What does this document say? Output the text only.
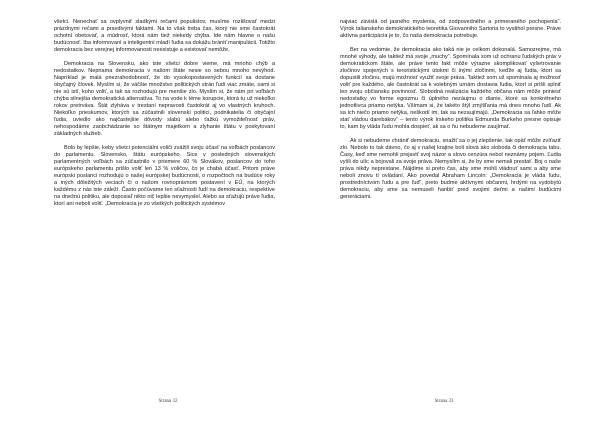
všetci. Nenechať sa ovplyvniť sladkými rečami populistov, musíme rozlišovať medzi prázdnymi rečami a pravdivými faktami. Na to však treba čas, ktorý nie sme častokrát ochotní obetovať, a múdrosť, ktorá nám tiež niekedy chýba. Ide nám hlavne o našu budúcnosť. Iba informovaní a inteligentní mladí ľudia sa dokážu brániť manipulácii. Totižto demokracia bez verejnej informovanosti neexistuje a existovať nemôže.

Demokracia na Slovensku, ako iste všetci dobre vieme, má mnoho chýb a nedostatkov. Nepriama demokracia v našom štáte nesie so sebou mnoho nevýhod. Napríklad je malá priezrahodobnosť, že do vysokopostavených funkcií sa dostane obyčajný človek. Myslím si, že väčšie množstvo politických strán ľudí viac zmäte, sami si nie sú istí, koho voliť, a tak sa rozhodujú pre menšie zlo. Myslím si, že nám pri voľbách chýba silnejšia demokratická alternatíva. To na vode k téme korupcie, ktorá tu už niekoľko rokov pretrváva. Štát zlyháva v trestaní nepravosti častokrát aj vo vlastných kruhoch. Niekoľko prieskumov, ktorých sa zúčastnili slovenskí politici, podnikatelia či obyčajní ľudia, uviedlo ako najčastejšie dôvody slabú alebo ťažkú vymožiteľnosť práv, nehospodárne zaobchádzanie so štátnym majetkom a zlyhanie štátu v poskytovaní základných služieb.

Bolo by lepšie, keby všetci potenciálni voliči zvážili svoju účasť na voľbách poslancov do parlamentu. Slovensko, štátu európskeho. Sice v posledných slovenských parlamentných voľbách sa zúčastnilo v priemere 60 % Slovákov, poslancov do toho európskeho parlamentu prišlo voliť len 13 % voličov, čo je chabá účasť. Pritom práve európski poslanci rozhodujú o našej európskej budúcnosti, o rozpočtoch na budúce roky a iných dôležitých veciach či o našom rovnoprávnom postavení v EÚ, na ktorých každému z nás iste záleží. Často počúvame len sťažnosti ľudí na demokraciu, respektíve na dnešnú politiku, ale doposiaľ nikto nič lepšie nevymyslel. Alebo sa sťažujú práve ľudia, ktorí ani neboli voliť. „Demokracia je zo všetkých politických systémov

Strana 32

najviac závislá od jasného myslenia, od zodpovedného a primeraného pochopenia“. Výrok talianskeho demokratického teoretika Giovanniho Sartoria to vystihol presne. Práve aktívna participácia je to, čo naša demokracia potrebuje.

Ber na vedomie, že demokracia ako taká nie je celkom dokonalá. Samozrejme, má mnohé výhody, ale taktiež má svoje „muchy“. Spomínala som už ochranu ľudských práv v demokratickom štáte, ale práve tento fakt môže výrazne skomplikovať vyšetrovanie zločinov spojených s teroristickými útokmi či inými zločinmi, keďže aj ľudia, ktorí sa dopustili zločinu, majú možnosť využiť svoje práva. Taktiež som už spomínala aj možnosť voliť pre každého, ale častokrát sa k volebným urnám dostavia ľudia, ktorí si prišli splniť len svoju občiansku povinnosť. Slobodná realizácia každého občana nám môže priniesť nedostatky vo forme egoizmu či úplného nezáujmu o dianie, ktoré sa konkrétneho jednotlivca priamo netýka. Všímam si, že takéto štýl zmýšľania má dnes mnoho ľudí. Ak sa ich niečo priamo netýka, neškodí im, tak sa nezaujímajú. „Demokracia sa ľahko môže stať vládou darebákov“ – tento výrok írskeho politika Edmunda Burkeho presne opisuje to, kam by vláda ľudu mohla dospieť, ak sa o ňu nebudeme zaujímať.

Ak si nebudeme chrániť demokraciu, snažiť sa o jej zlepšenie, tak opäť môže zvíťaziť zlo. Nebolo to tak dávno, čo aj v našej krajine boli slová ako sloboda či demokracia tabu. Časy, keď sme nemohli prejaviť svoj názor a slovo cenzúra nebol neznámy pojem. Ľudia vyšli do ulíc a bojovali za svoje práva. Nemyslím si, že by sme nemali prestať. Boj o naše práva nikdy neprestane. Nájdime si preto čas, aby sme mohli vládnuť sami a aby sme neboli znovu ti ovládaní. Ako povedal Abraham Lincoln: „Demokracia je vláda ľudu, prostredníctvom ľudu a pre ľud“, preto budme aktívnymi občanmi, hrdými na vydobytú demokraciu, aby sme sa nemuseli hanbiť pred svojimi deťmi a našimi budúcimi generáciami.

Strana 33
